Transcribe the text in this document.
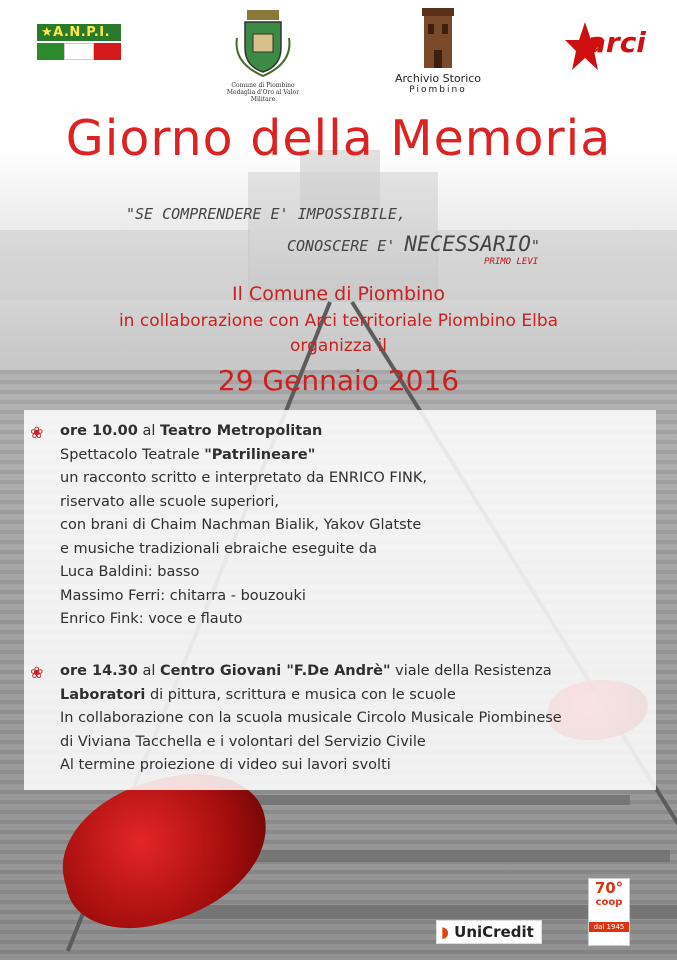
★A.N.P.I.
Comune di Piombino
Medaglia d'Oro al Valor Militare
Archivio Storico
Piombino
arci
Giorno della Memoria
"SE COMPRENDERE E' IMPOSSIBILE,
CONOSCERE E' NECESSARIO"
PRIMO LEVI
Il Comune di Piombino
in collaborazione con Arci territoriale Piombino Elba
organizza il
29 Gennaio 2016
❀ ore 10.00 al Teatro Metropolitan
Spettacolo Teatrale "Patrilineare"
un racconto scritto e interpretato da ENRICO FINK,
riservato alle scuole superiori,
con brani di Chaim Nachman Bialik, Yakov Glatste
e musiche tradizionali ebraiche eseguite da
Luca Baldini: basso
Massimo Ferri: chitarra - bouzouki
Enrico Fink: voce e flauto
❀ ore 14.30 al Centro Giovani "F.De Andrè" viale della Resistenza
Laboratori di pittura, scrittura e musica con le scuole
In collaborazione con la scuola musicale Circolo Musicale Piombinese
di Viviana Tacchella e i volontari del Servizio Civile
Al termine proiezione di video sui lavori svolti
◗ UniCredit
70°
coop
dal 1945
